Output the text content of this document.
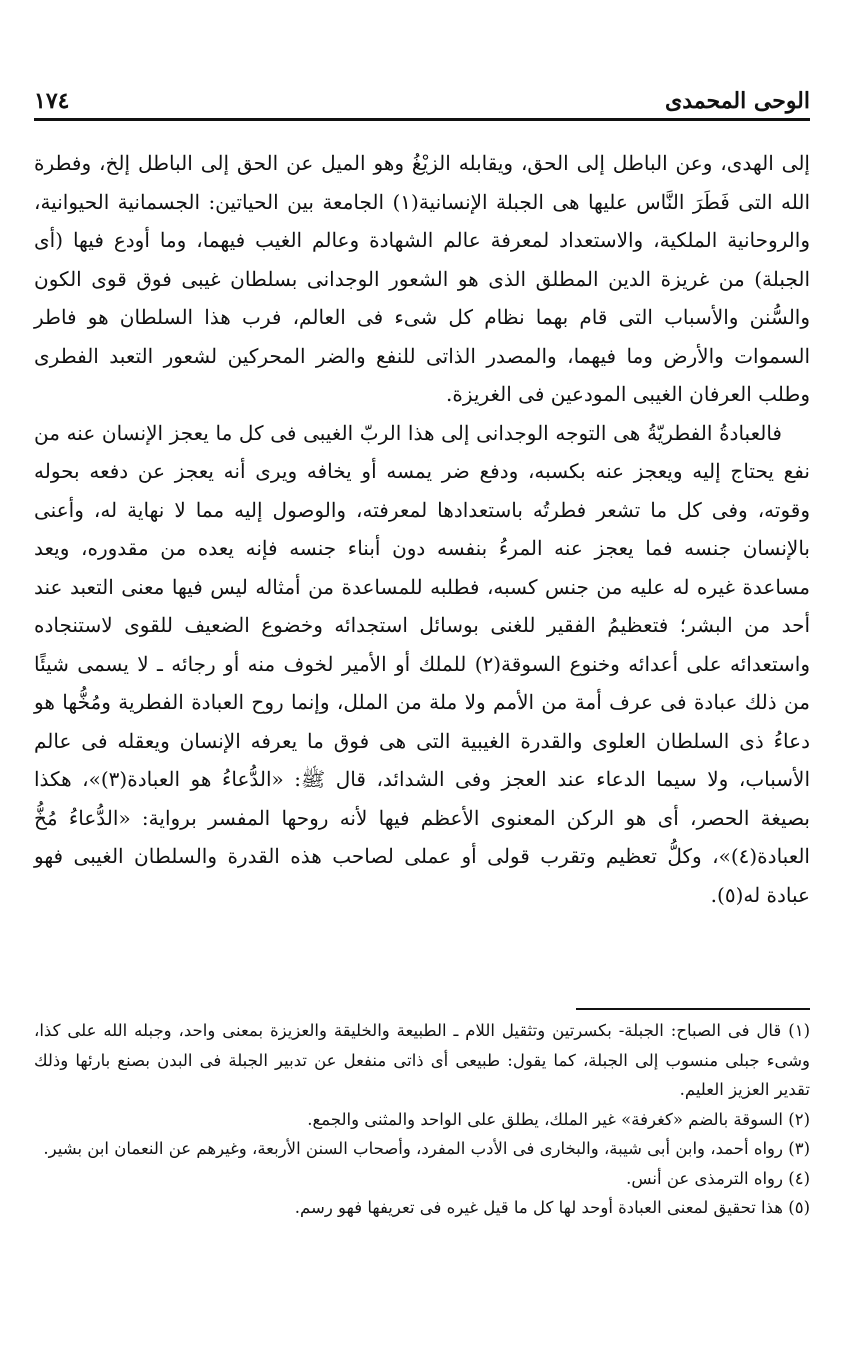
الوحى المحمدى
١٧٤

إلى الهدى، وعن الباطل إلى الحق، ويقابله الزيْغُ وهو الميل عن الحق إلى الباطل إلخ، وفطرة الله التى فَطَرَ النَّاس عليها هى الجبلة الإنسانية(١) الجامعة بين الحياتين: الجسمانية الحيوانية، والروحانية الملكية، والاستعداد لمعرفة عالم الشهادة وعالم الغيب فيهما، وما أودع فيها (أى الجبلة) من غريزة الدين المطلق الذى هو الشعور الوجدانى بسلطان غيبى فوق قوى الكون والسُّنن والأسباب التى قام بهما نظام كل شىء فى العالم، فرب هذا السلطان هو فاطر السموات والأرض وما فيهما، والمصدر الذاتى للنفع والضر المحركين لشعور التعبد الفطرى وطلب العرفان الغيبى المودعين فى الغريزة.

فالعبادةُ الفطريّةُ هى التوجه الوجدانى إلى هذا الربّ الغيبى فى كل ما يعجز الإنسان عنه من نفع يحتاج إليه ويعجز عنه بكسبه، ودفع ضر يمسه أو يخافه ويرى أنه يعجز عن دفعه بحوله وقوته، وفى كل ما تشعر فطرتُه باستعدادها لمعرفته، والوصول إليه مما لا نهاية له، وأعنى بالإنسان جنسه فما يعجز عنه المرءُ بنفسه دون أبناء جنسه فإنه يعده من مقدوره، ويعد مساعدة غيره له عليه من جنس كسبه، فطلبه للمساعدة من أمثاله ليس فيها معنى التعبد عند أحد من البشر؛ فتعظيمُ الفقير للغنى بوسائل استجدائه وخضوع الضعيف للقوى لاستنجاده واستعدائه على أعدائه وخنوع السوقة(٢) للملك أو الأمير لخوف منه أو رجائه ـ لا يسمى شيئًا من ذلك عبادة فى عرف أمة من الأمم ولا ملة من الملل، وإنما روح العبادة الفطرية ومُخُّها هو دعاءُ ذى السلطان العلوى والقدرة الغيبية التى هى فوق ما يعرفه الإنسان ويعقله فى عالم الأسباب، ولا سيما الدعاء عند العجز وفى الشدائد، قال ﷺ: «الدُّعاءُ هو العبادة(٣)»، هكذا بصيغة الحصر، أى هو الركن المعنوى الأعظم فيها لأنه روحها المفسر برواية: «الدُّعاءُ مُخُّ العبادة(٤)»، وكلُّ تعظيم وتقرب قولى أو عملى لصاحب هذه القدرة والسلطان الغيبى فهو عبادة له(٥).

(١) قال فى الصباح: الجبلة- بكسرتين وتثقيل اللام ـ الطبيعة والخليقة والعزيزة بمعنى واحد، وجبله الله على كذا، وشىء جبلى منسوب إلى الجبلة، كما يقول: طبيعى أى ذاتى منفعل عن تدبير الجبلة فى البدن بصنع بارئها وذلك تقدير العزيز العليم.

(٢) السوقة بالضم «كغرفة» غير الملك، يطلق على الواحد والمثنى والجمع.

(٣) رواه أحمد، وابن أبى شيبة، والبخارى فى الأدب المفرد، وأصحاب السنن الأربعة، وغيرهم عن النعمان ابن بشير.

(٤) رواه الترمذى عن أنس.

(٥) هذا تحقيق لمعنى العبادة أوحد لها كل ما قيل غيره فى تعريفها فهو رسم.
